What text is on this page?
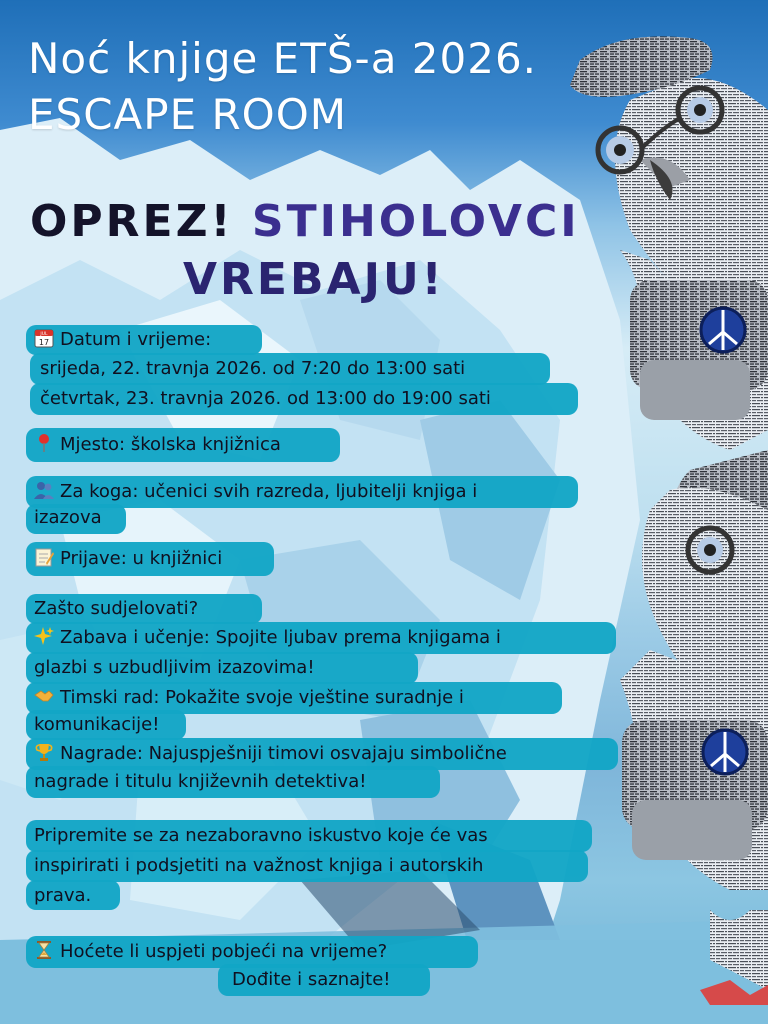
Noć knjige ETŠ-a 2026.
ESCAPE ROOM
OPREZ! STIHOLOVCI
VREBAJU!
JUL
17 Datum i vrijeme:
srijeda, 22. travnja 2026. od 7:20 do 13:00 sati
četvrtak, 23. travnja 2026. od 13:00 do 19:00 sati
Mjesto: školska knjižnica
Za koga: učenici svih razreda, ljubitelji knjiga i
izazova
Prijave: u knjižnici
Zašto sudjelovati?
Zabava i učenje: Spojite ljubav prema knjigama i
glazbi s uzbudljivim izazovima!
Timski rad: Pokažite svoje vještine suradnje i
komunikacije!
Nagrade: Najuspješniji timovi osvajaju simbolične
nagrade i titulu književnih detektiva!
Pripremite se za nezaboravno iskustvo koje će vas
inspirirati i podsjetiti na važnost knjiga i autorskih
prava.
Hoćete li uspjeti pobjeći na vrijeme?
Dođite i saznajte!
